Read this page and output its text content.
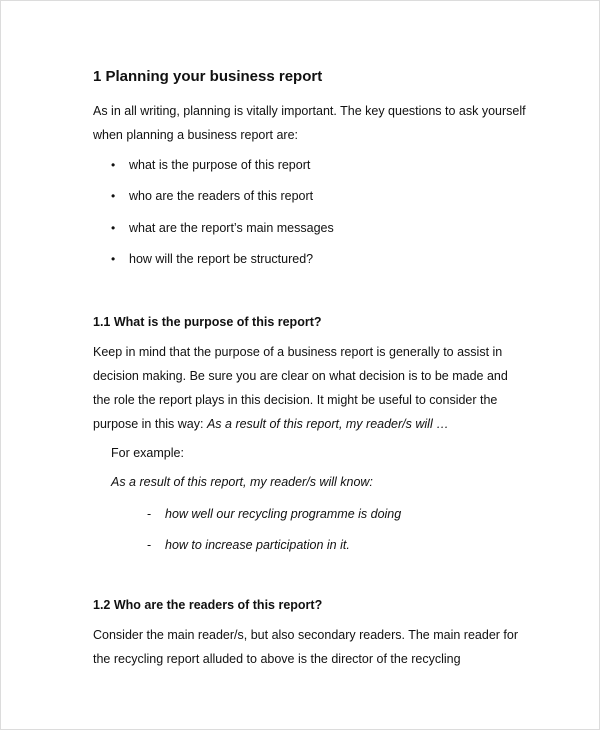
1 Planning your business report
As in all writing, planning is vitally important. The key questions to ask yourself
when planning a business report are:
• what is the purpose of this report
• who are the readers of this report
• what are the report’s main messages
• how will the report be structured?
1.1 What is the purpose of this report?
Keep in mind that the purpose of a business report is generally to assist in
decision making. Be sure you are clear on what decision is to be made and
the role the report plays in this decision. It might be useful to consider the
purpose in this way: As a result of this report, my reader/s will …
For example:
As a result of this report, my reader/s will know:
- how well our recycling programme is doing
- how to increase participation in it.
1.2 Who are the readers of this report?
Consider the main reader/s, but also secondary readers. The main reader for
the recycling report alluded to above is the director of the recycling
